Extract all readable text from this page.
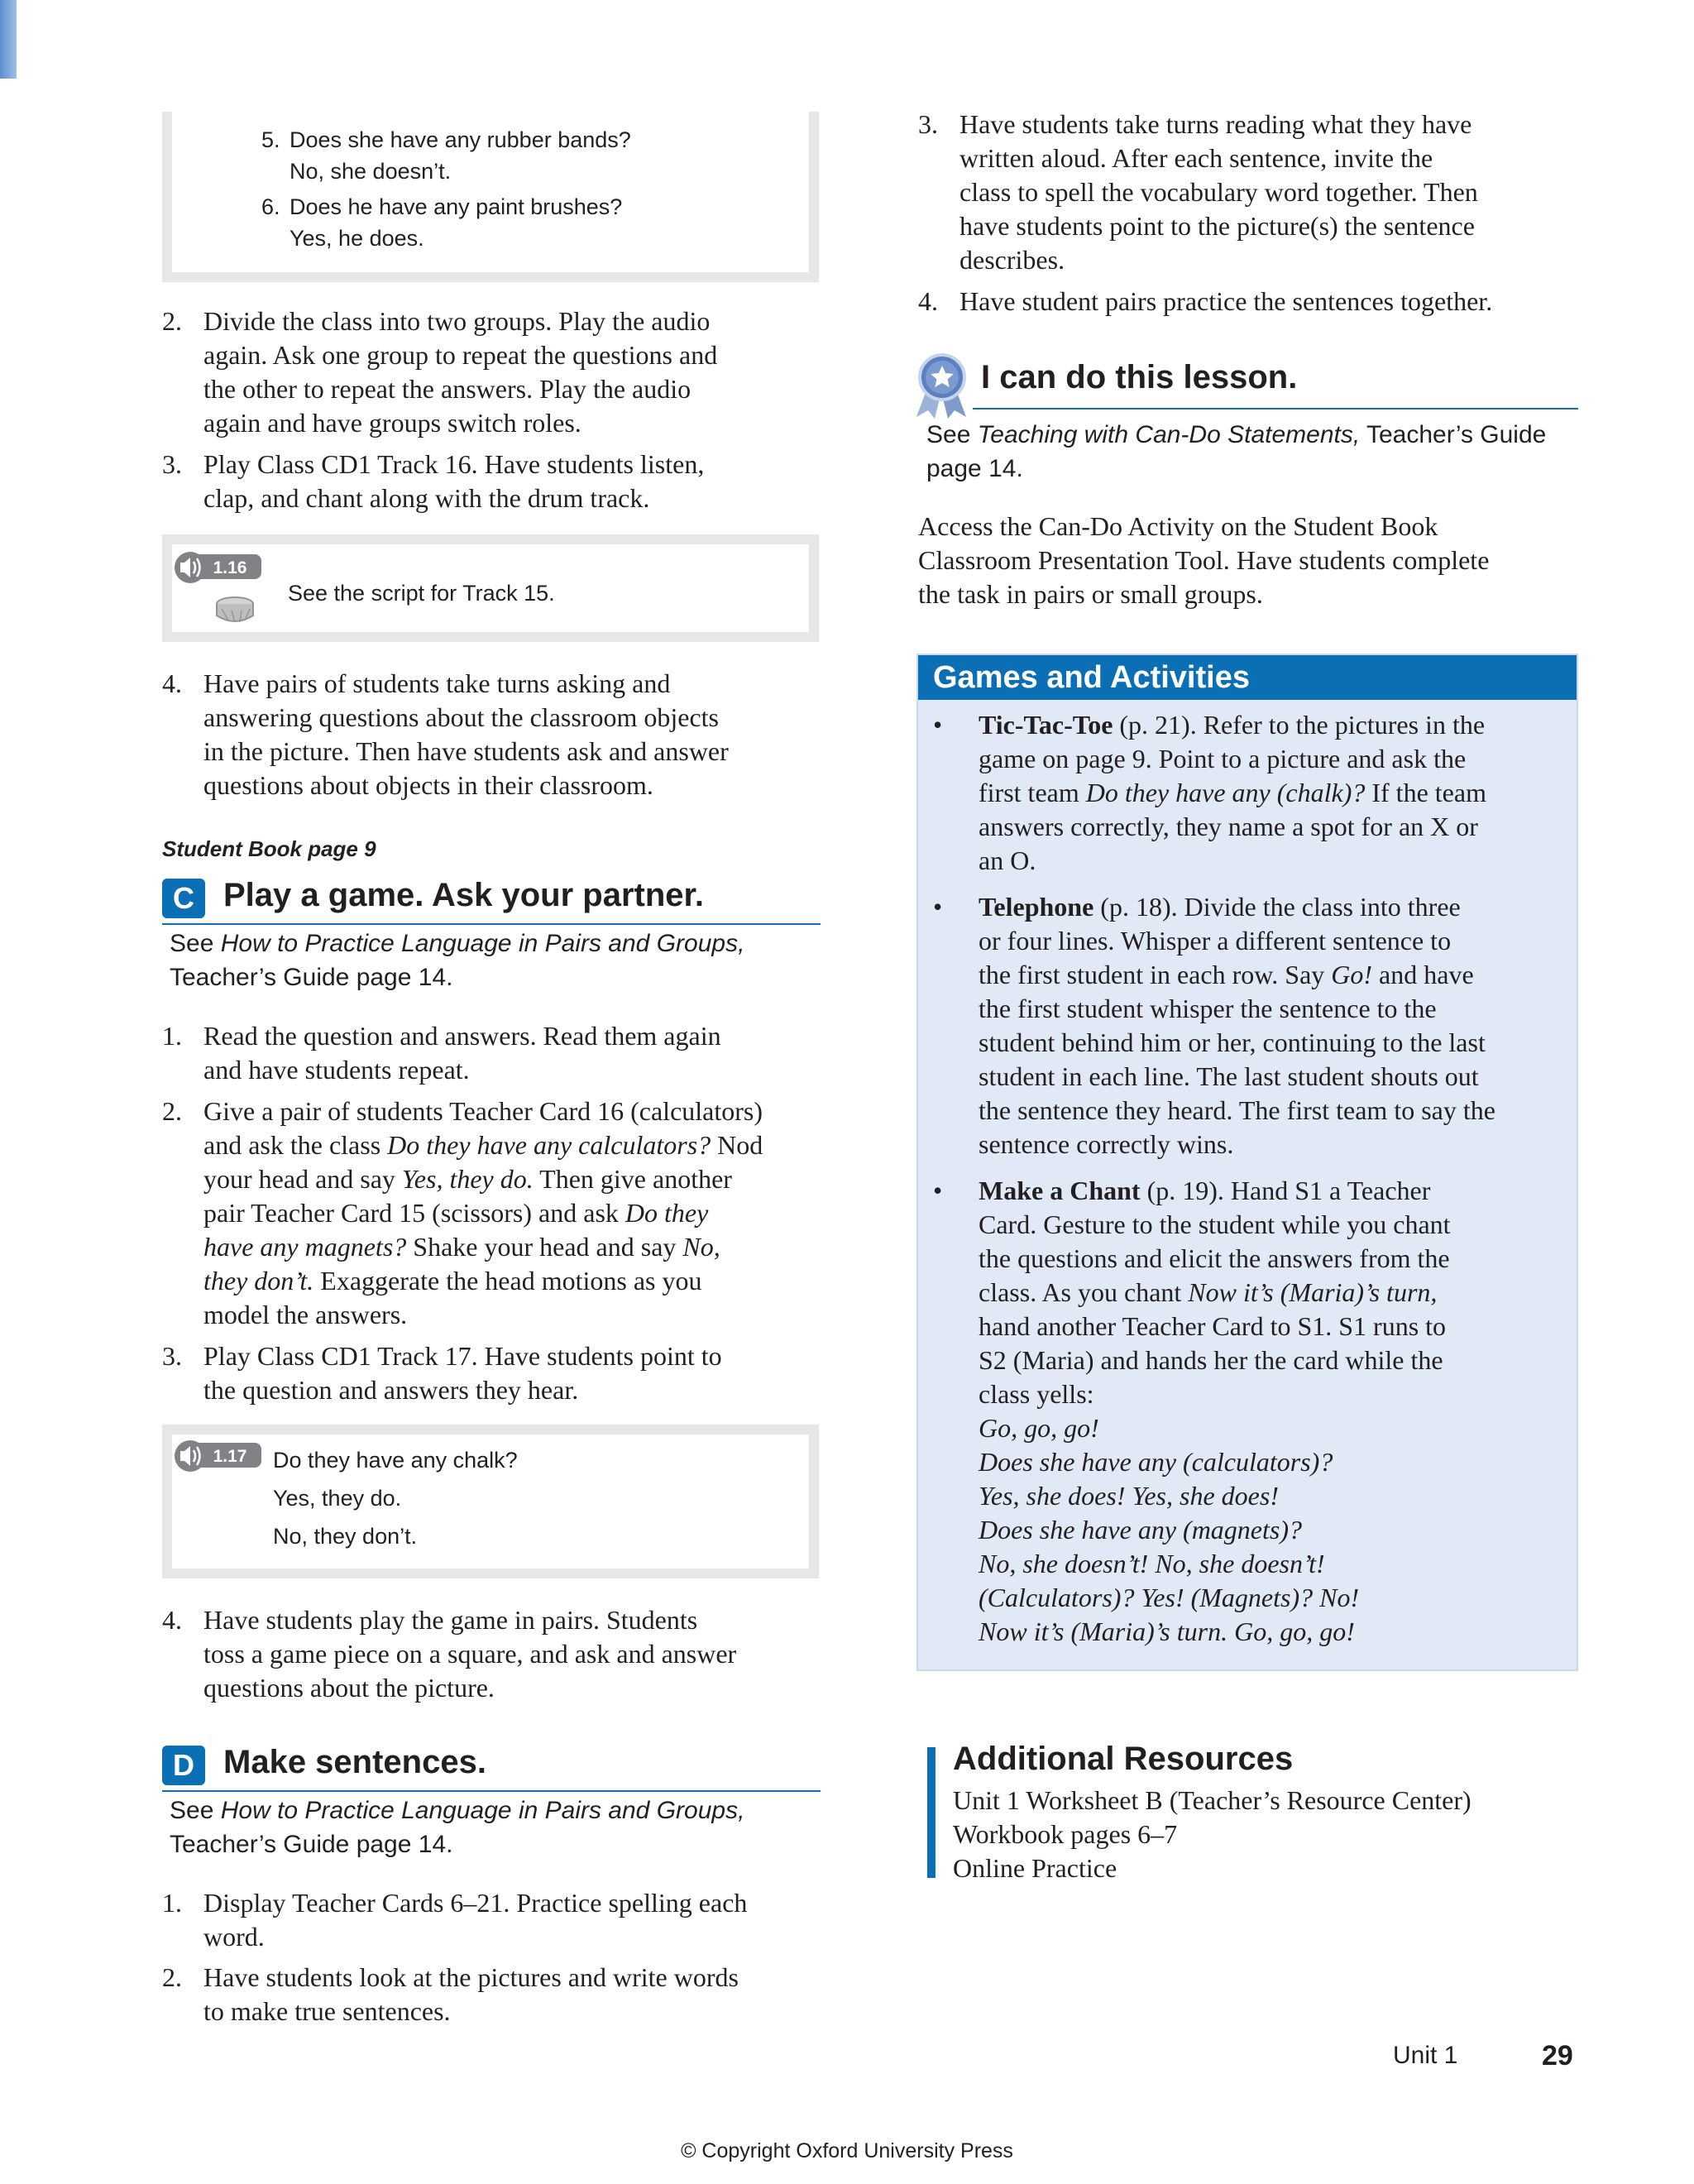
5. Does she have any rubber bands?
No, she doesn’t.
6. Does he have any paint brushes?
Yes, he does.
2. Divide the class into two groups. Play the audio
again. Ask one group to repeat the questions and
the other to repeat the answers. Play the audio
again and have groups switch roles.
3. Play Class CD1 Track 16. Have students listen,
clap, and chant along with the drum track.
1.16
See the script for Track 15.
4. Have pairs of students take turns asking and
answering questions about the classroom objects
in the picture. Then have students ask and answer
questions about objects in their classroom.
Student Book page 9
C Play a game. Ask your partner.
See How to Practice Language in Pairs and Groups,
Teacher’s Guide page 14.
1. Read the question and answers. Read them again
and have students repeat.
2. Give a pair of students Teacher Card 16 (calculators)
and ask the class Do they have any calculators? Nod
your head and say Yes, they do. Then give another
pair Teacher Card 15 (scissors) and ask Do they
have any magnets? Shake your head and say No,
they don’t. Exaggerate the head motions as you
model the answers.
3. Play Class CD1 Track 17. Have students point to
the question and answers they hear.
1.17 Do they have any chalk?
Yes, they do.
No, they don’t.
4. Have students play the game in pairs. Students
toss a game piece on a square, and ask and answer
questions about the picture.
D Make sentences.
See How to Practice Language in Pairs and Groups,
Teacher’s Guide page 14.
1. Display Teacher Cards 6–21. Practice spelling each
word.
2. Have students look at the pictures and write words
to make true sentences.
3. Have students take turns reading what they have
written aloud. After each sentence, invite the
class to spell the vocabulary word together. Then
have students point to the picture(s) the sentence
describes.
4. Have student pairs practice the sentences together.
I can do this lesson.
See Teaching with Can-Do Statements, Teacher’s Guide
page 14.
Access the Can-Do Activity on the Student Book
Classroom Presentation Tool. Have students complete
the task in pairs or small groups.
Games and Activities
• Tic-Tac-Toe (p. 21). Refer to the pictures in the
game on page 9. Point to a picture and ask the
first team Do they have any (chalk)? If the team
answers correctly, they name a spot for an X or
an O.
• Telephone (p. 18). Divide the class into three
or four lines. Whisper a different sentence to
the first student in each row. Say Go! and have
the first student whisper the sentence to the
student behind him or her, continuing to the last
student in each line. The last student shouts out
the sentence they heard. The first team to say the
sentence correctly wins.
• Make a Chant (p. 19). Hand S1 a Teacher
Card. Gesture to the student while you chant
the questions and elicit the answers from the
class. As you chant Now it’s (Maria)’s turn,
hand another Teacher Card to S1. S1 runs to
S2 (Maria) and hands her the card while the
class yells:
Go, go, go!
Does she have any (calculators)?
Yes, she does! Yes, she does!
Does she have any (magnets)?
No, she doesn’t! No, she doesn’t!
(Calculators)? Yes! (Magnets)? No!
Now it’s (Maria)’s turn. Go, go, go!
Additional Resources
Unit 1 Worksheet B (Teacher’s Resource Center)
Workbook pages 6–7
Online Practice
Unit 1	29
© Copyright Oxford University Press
